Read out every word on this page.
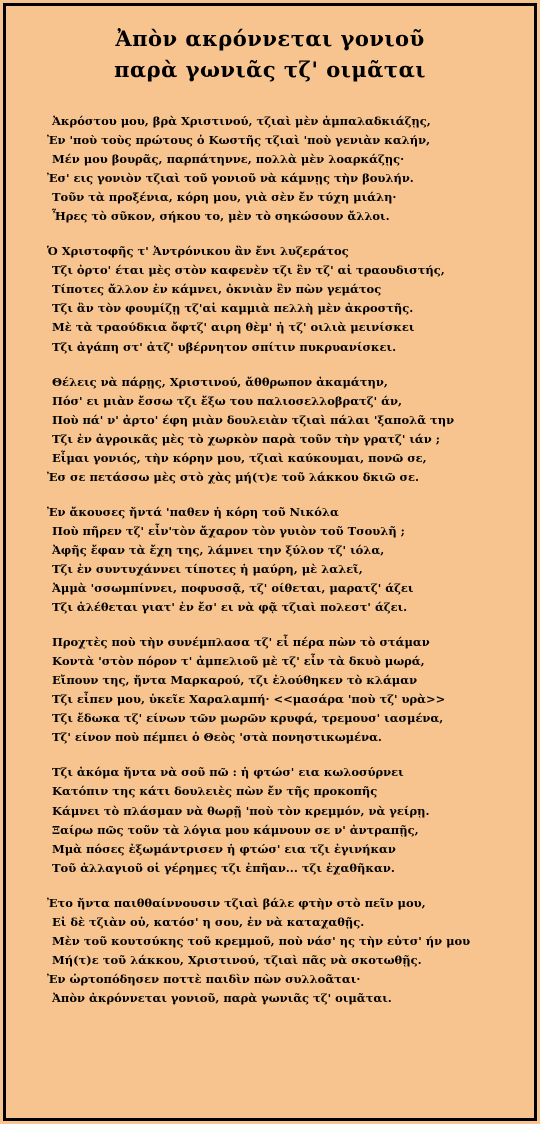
Ἀπὸν ακρόννεται γονιοῦ
παρὰ γωνιᾶς τζ' οιμᾶται
Ἀκρόστου μου, βρὰ Χριστινού, τζιαὶ μὲν ἀμπαλαδκιάζῃς,
Ἐν 'ποὺ τοὺς πρώτους ὁ Κωστῆς τζιαὶ 'ποὺ γενιὰν καλήν,
Μέν μου βουρᾶς, παρπάτηννε, πολλὰ μὲν λοαρκάζῃς·
Ἐσ' εις γονιὸν τζιαὶ τοῦ γονιοῦ νὰ κάμνῃς τὴν βουλήν.
Τοῦν τὰ προξένια, κόρη μου, γιὰ σὲν ἔν τύχη μιάλη·
Ἦρες τὸ σῦκον, σήκου το, μὲν τὸ σηκώσουν ἄλλοι.
Ὁ Χριστοφῆς τ' Ἀντρόνικου ἂν ἔνι λυζεράτος
Τζι ὀρτο' έται μὲς στὸν καφενὲν τζι ἒν τζ' αἰ τραουδιστής,
Τίποτες ἄλλον ἐν κάμνει, ὀκνιὰν ἒν πὼν γεμάτος
Τζι ἂν τὸν φουμίζῃ τζ'αἰ καμμιὰ πελλὴ μὲν ἀκροστῆς.
Μὲ τὰ τραούδκια ὄφτζ' αιρη θὲμ' ἠ τζ' οιλιὰ μεινίσκει
Τζι ἀγάπη στ' ἀτζ' υβέρνητον σπίτιν πυκρυανίσκει.
Θέλεις νὰ πάρῃς, Χριστινού, ἄθθρωπον ἀκαμάτην,
Πόσ' ει μιὰν ἔσσω τζι ἔξω του παλιοσελλοβρατζ' άν,
Ποὺ πά' ν' ἀρτο' έφη μιὰν δουλειὰν τζιαὶ πάλαι 'ξαπολᾶ την
Τζι ἐν ἀγροικᾶς μὲς τὸ χωρκὸν παρὰ τοῦν τὴν γρατζ' ιάν ;
Εἶμαι γονιός, τὴν κόρην μου, τζιαὶ καύκουμαι, πονῶ σε,
Ἐσ σε πετάσσω μὲς στὸ χὰς μή(τ)ε τοῦ λάκκου δκιῶ σε.
Ἐν ἄκουσες ἤντά 'παθεν ἡ κόρη τοῦ Νικόλα
Ποὺ πῆρεν τζ' εἶν'τὸν ἄχαρον τὸν γυιὸν τοῦ Τσουλῆ ;
Ἀφῆς ἔφαν τὰ ἔχη της, λάμνει την ξύλον τζ' ιόλα,
Τζι ἐν συντυχάννει τίποτες ἡ μαύρη, μὲ λαλεῖ,
Ἀμμὰ 'σσωμπίννει, ποφυσσᾷ, τζ' οίθεται, μαρατζ' άζει
Τζι ἀλέθεται γιατ' ἐν ἔσ' ει νὰ φᾷ τζιαὶ πολεστ' άζει.
Προχτὲς ποὺ τὴν συνέμπλασα τζ' εἶ πέρα πὼν τὸ στάμαν
Κοντὰ 'στὸν πόρον τ' ἀμπελιοῦ μὲ τζ' εἶν τὰ δκυὸ μωρά,
Εἴπουν της, ἤντα Μαρκαρού, τζι ἐλούθηκεν τὸ κλάμαν
Τζι εἶπεν μου, ὑκεῖε Χαραλαμπή· <<μασάρα 'ποὺ τζ' υρὰ>>
Τζι ἔδωκα τζ' είνων τῶν μωρῶν κρυφά, τρεμουσ' ιασμένα,
Τζ' είνον ποὺ πέμπει ὁ Θεὸς 'στὰ πονηστικωμένα.
Τζι ἀκόμα ἤντα νὰ σοῦ πῶ : ἡ φτώσ' εια κωλοσύρνει
Κατόπιν της κάτι δουλειὲς πὼν ἔν τῆς προκοπῆς
Κάμνει τὸ πλάσμαν νὰ θωρῇ 'ποὺ τὸν κρεμμόν, νὰ γείρῃ.
Ξαίρω πῶς τοῦν τὰ λόγια μου κάμνουν σε ν' ἀντραπῇς,
Μμὰ πόσες ἐξωμάντρισεν ἡ φτώσ' εια τζι ἐγινήκαν
Τοῦ ἀλλαγιοῦ οἱ γέρημες τζι ἐπῆαν... τζι ἐχαθῆκαν.
Ἐτο ἤντα παιθθαίννουσιν τζιαὶ βάλε φτὴν στὸ πεῖν μου,
Εἰ δὲ τζιὰν οὐ, κατόσ' η σου, ἐν νὰ καταχαθῇς.
Μὲν τοῦ κουτσύκης τοῦ κρεμμοῦ, ποὺ νάσ' ης τὴν εὐτσ' ήν μου
Μή(τ)ε τοῦ λάκκου, Χριστινού, τζιαὶ πᾶς νὰ σκοτωθῇς.
Ἐν ὡρτοπόδησεν ποττὲ παιδὶν πὼν συλλοᾶται·
Ἀπὸν ἀκρόννεται γονιοῦ, παρὰ γωνιᾶς τζ' οιμᾶται.
